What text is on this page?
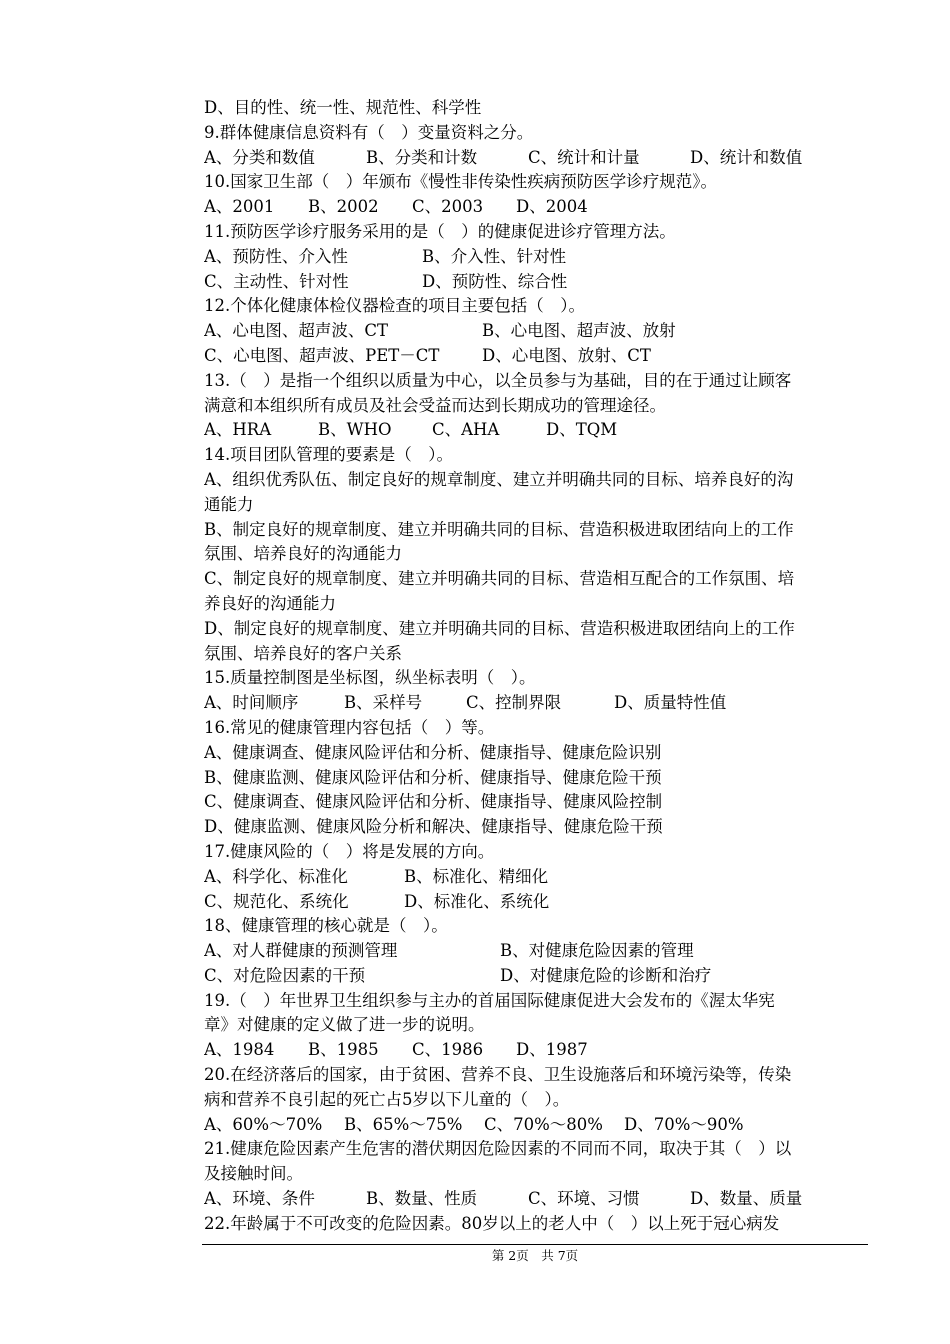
D、目的性、统一性、规范性、科学性
9.群体健康信息资料有（　）变量资料之分。
A、分类和数值	B、分类和计数	C、统计和计量	D、统计和数值
10.国家卫生部（　）年颁布《慢性非传染性疾病预防医学诊疗规范》。
A、2001 B、2002 C、2003 D、2004
11.预防医学诊疗服务采用的是（　）的健康促进诊疗管理方法。
A、预防性、介入性	B、介入性、针对性
C、主动性、针对性	D、预防性、综合性
12.个体化健康体检仪器检查的项目主要包括（　）。
A、心电图、超声波、CT	B、心电图、超声波、放射
C、心电图、超声波、PET－CT	D、心电图、放射、CT
13.（　）是指一个组织以质量为中心，以全员参与为基础，目的在于通过让顾客
满意和本组织所有成员及社会受益而达到长期成功的管理途径。
A、HRA	B、WHO C、AHA	D、TQM
14.项目团队管理的要素是（　）。
A、组织优秀队伍、制定良好的规章制度、建立并明确共同的目标、培养良好的沟
通能力
B、制定良好的规章制度、建立并明确共同的目标、营造积极进取团结向上的工作
氛围、培养良好的沟通能力
C、制定良好的规章制度、建立并明确共同的目标、营造相互配合的工作氛围、培
养良好的沟通能力
D、制定良好的规章制度、建立并明确共同的目标、营造积极进取团结向上的工作
氛围、培养良好的客户关系
15.质量控制图是坐标图，纵坐标表明（　）。
A、时间顺序	B、采样号	C、控制界限	D、质量特性值
16.常见的健康管理内容包括（　）等。
A、健康调查、健康风险评估和分析、健康指导、健康危险识别
B、健康监测、健康风险评估和分析、健康指导、健康危险干预
C、健康调查、健康风险评估和分析、健康指导、健康风险控制
D、健康监测、健康风险分析和解决、健康指导、健康危险干预
17.健康风险的（　）将是发展的方向。
A、科学化、标准化	B、标准化、精细化
C、规范化、系统化	D、标准化、系统化
18、健康管理的核心就是（　）。
A、对人群健康的预测管理	B、对健康危险因素的管理
C、对危险因素的干预	D、对健康危险的诊断和治疗
19.（　）年世界卫生组织参与主办的首届国际健康促进大会发布的《渥太华宪
章》对健康的定义做了进一步的说明。
A、1984 B、1985 C、1986 D、1987
20.在经济落后的国家，由于贫困、营养不良、卫生设施落后和环境污染等，传染
病和营养不良引起的死亡占5岁以下儿童的（　）。
A、60%～70% B、65%～75% C、70%～80% D、70%～90%
21.健康危险因素产生危害的潜伏期因危险因素的不同而不同，取决于其（　）以
及接触时间。
A、环境、条件	B、数量、性质	C、环境、习惯	D、数量、质量
22.年龄属于不可改变的危险因素。80岁以上的老人中（　）以上死于冠心病发
第 2页　共 7页
